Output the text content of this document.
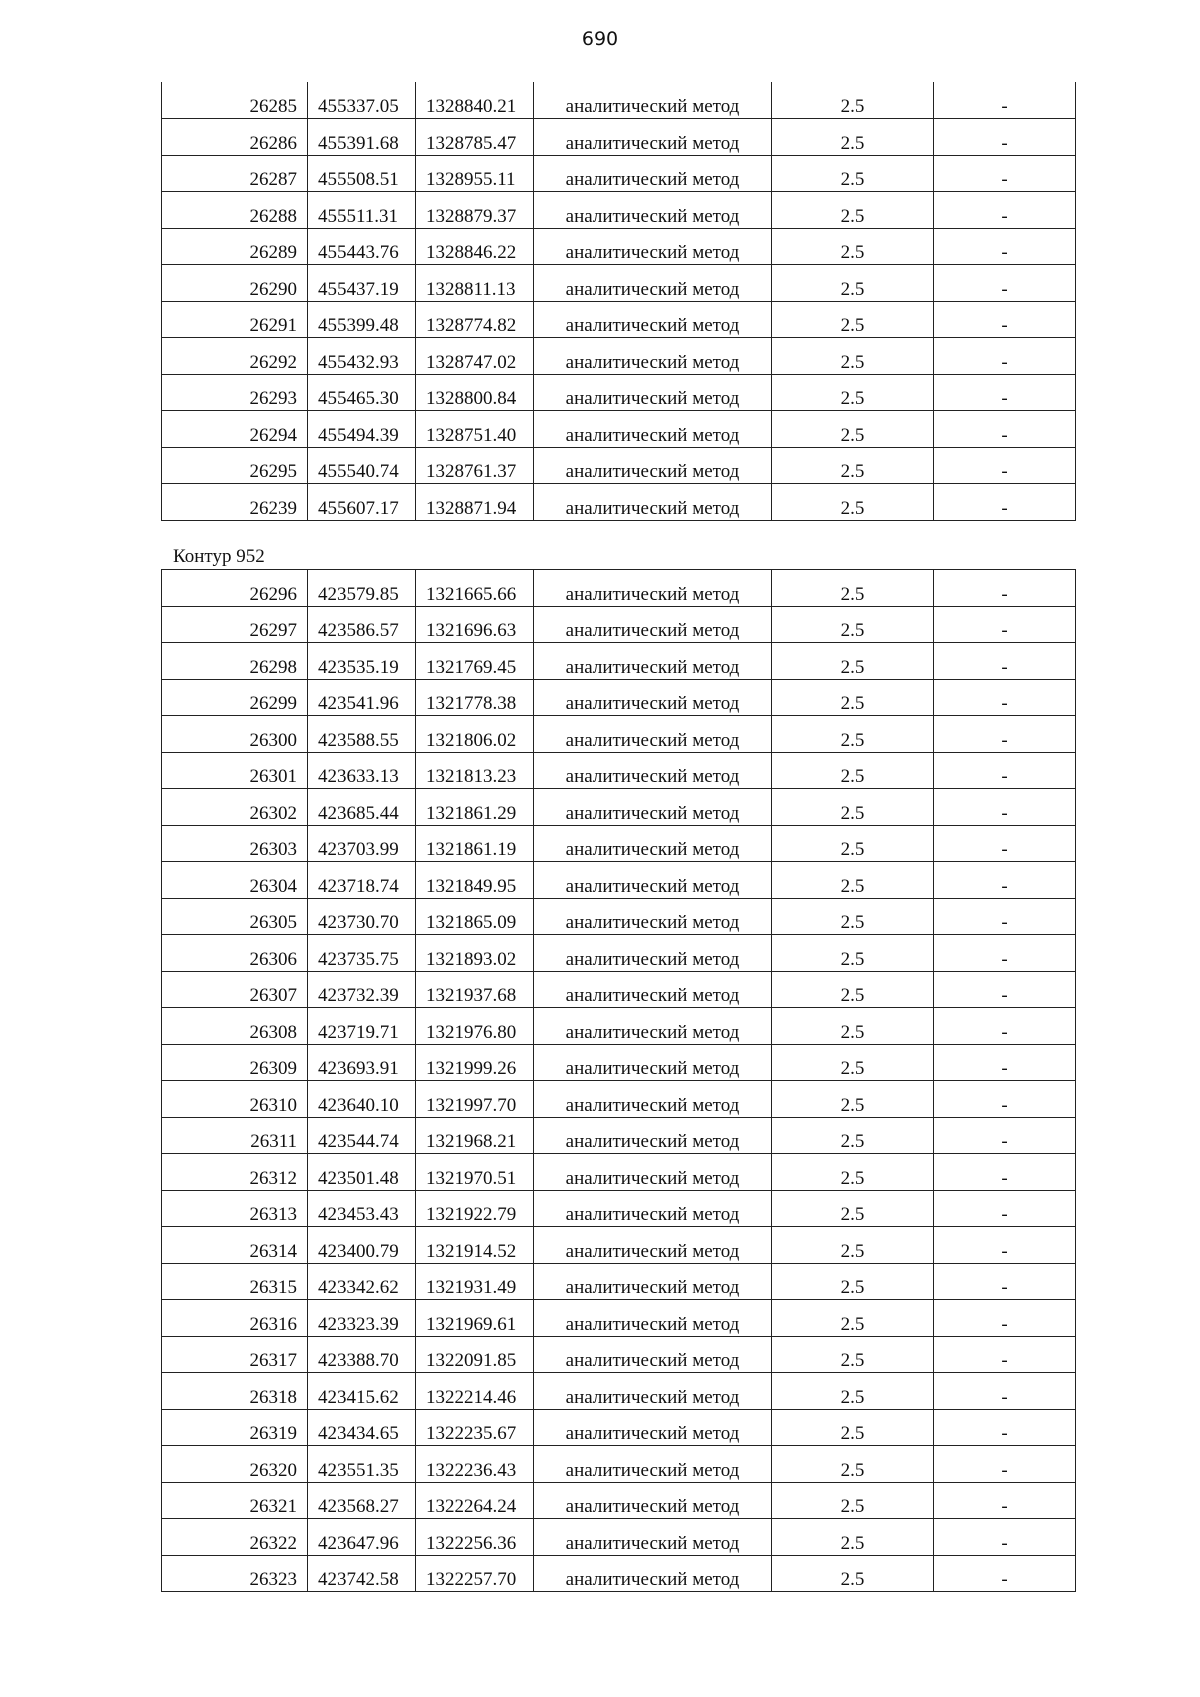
690
26285	455337.05	1328840.21	аналитический метод	2.5	-
26286	455391.68	1328785.47	аналитический метод	2.5	-
26287	455508.51	1328955.11	аналитический метод	2.5	-
26288	455511.31	1328879.37	аналитический метод	2.5	-
26289	455443.76	1328846.22	аналитический метод	2.5	-
26290	455437.19	1328811.13	аналитический метод	2.5	-
26291	455399.48	1328774.82	аналитический метод	2.5	-
26292	455432.93	1328747.02	аналитический метод	2.5	-
26293	455465.30	1328800.84	аналитический метод	2.5	-
26294	455494.39	1328751.40	аналитический метод	2.5	-
26295	455540.74	1328761.37	аналитический метод	2.5	-
26239	455607.17	1328871.94	аналитический метод	2.5	-
Контур 952
26296	423579.85	1321665.66	аналитический метод	2.5	-
26297	423586.57	1321696.63	аналитический метод	2.5	-
26298	423535.19	1321769.45	аналитический метод	2.5	-
26299	423541.96	1321778.38	аналитический метод	2.5	-
26300	423588.55	1321806.02	аналитический метод	2.5	-
26301	423633.13	1321813.23	аналитический метод	2.5	-
26302	423685.44	1321861.29	аналитический метод	2.5	-
26303	423703.99	1321861.19	аналитический метод	2.5	-
26304	423718.74	1321849.95	аналитический метод	2.5	-
26305	423730.70	1321865.09	аналитический метод	2.5	-
26306	423735.75	1321893.02	аналитический метод	2.5	-
26307	423732.39	1321937.68	аналитический метод	2.5	-
26308	423719.71	1321976.80	аналитический метод	2.5	-
26309	423693.91	1321999.26	аналитический метод	2.5	-
26310	423640.10	1321997.70	аналитический метод	2.5	-
26311	423544.74	1321968.21	аналитический метод	2.5	-
26312	423501.48	1321970.51	аналитический метод	2.5	-
26313	423453.43	1321922.79	аналитический метод	2.5	-
26314	423400.79	1321914.52	аналитический метод	2.5	-
26315	423342.62	1321931.49	аналитический метод	2.5	-
26316	423323.39	1321969.61	аналитический метод	2.5	-
26317	423388.70	1322091.85	аналитический метод	2.5	-
26318	423415.62	1322214.46	аналитический метод	2.5	-
26319	423434.65	1322235.67	аналитический метод	2.5	-
26320	423551.35	1322236.43	аналитический метод	2.5	-
26321	423568.27	1322264.24	аналитический метод	2.5	-
26322	423647.96	1322256.36	аналитический метод	2.5	-
26323	423742.58	1322257.70	аналитический метод	2.5	-
